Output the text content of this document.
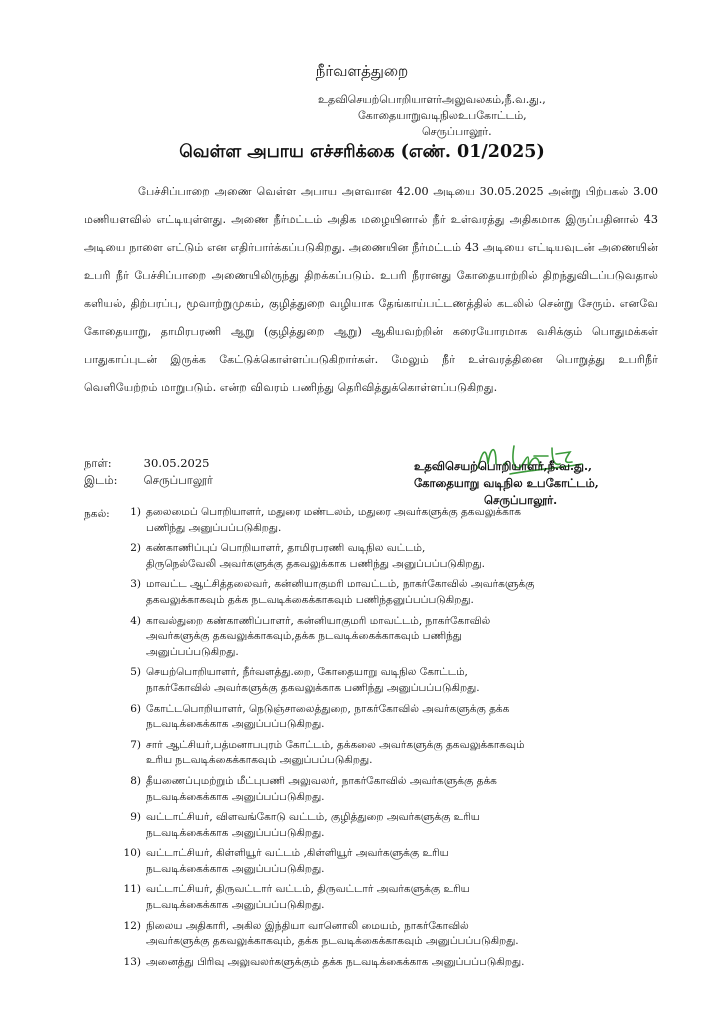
நீர்வளத்துறை
உதவிசெயற்பொறியாளர்அலுவலகம்,நீ.வ.து.,
கோதையாறுவடிநிலஉபகோட்டம்,
செருப்பாலூர்.
வெள்ள அபாய எச்சரிக்கை (எண். 01/2025)
பேச்சிப்பாறை அணை வெள்ள அபாய அளவான 42.00 அடியை 30.05.2025 அன்று பிற்பகல் 3.00 மணியளவில் எட்டியுள்ளது. அணை நீர்மட்டம் அதிக மழையினால் நீர் உள்வரத்து அதிகமாக இருப்பதினால் 43 அடியை நாளை எட்டும் என எதிர்பார்க்கப்படுகிறது. அணையின நீர்மட்டம் 43 அடியை எட்டியவுடன் அணையின் உபரி நீர் பேச்சிப்பாறை அணையிலிருந்து திறக்கப்படும். உபரி நீரானது கோதையாற்றில் திறந்துவிடப்படுவதால் களியல், திற்பரப்பு, மூவாற்றுமுகம், குழித்துறை வழியாக தேங்காய்பட்டணத்தில் கடலில் சென்று சேரும். எனவே கோதையாறு, தாமிரபரணி ஆறு (குழித்துறை ஆறு) ஆகியவற்றின் கரையோரமாக வசிக்கும் பொதுமக்கள் பாதுகாப்புடன் இருக்க கேட்டுக்கொள்ளப்படுகிறார்கள். மேலும் நீர் உள்வரத்தினை பொறுத்து உபரிநீர் வெளியேற்றம் மாறுபடும். என்ற விவரம் பணிந்து தெரிவித்துக்கொள்ளப்படுகிறது.
நாள்:	30.05.2025
இடம்: செருப்பாலூர்
உதவிசெயற்பொறியாளர்,நீ.வ.து.,
கோதையாறு வடிநில உபகோட்டம்,
செருப்பாலூர்.
நகல்:	1) தலைமைப் பொறியாளர், மதுரை மண்டலம், மதுரை அவர்களுக்கு தகவலுக்காக
பணிந்து அனுப்பப்படுகிறது.
2) கண்காணிப்புப் பொறியாளர், தாமிரபரணி வடிநில வட்டம்,
திருநெல்வேலி அவர்களுக்கு தகவலுக்காக பணிந்து அனுப்பப்படுகிறது.
3) மாவட்ட ஆட்சித்தலைவர், கன்னியாகுமரி மாவட்டம், நாகர்கோவில் அவர்களுக்கு
தகவலுக்காகவும் தக்க நடவடிக்கைக்காகவும் பணிந்தனுப்பப்படுகிறது.
4) காவல்துறை கண்காணிப்பாளர், கன்னியாகுமரி மாவட்டம், நாகர்கோவில்
அவர்களுக்கு தகவலுக்காகவும்,தக்க நடவடிக்கைக்காகவும் பணிந்து
அனுப்பப்படுகிறது.
5) செயற்பொறியாளர், நீர்வளத்து.றை, கோதையாறு வடிநில கோட்டம்,
நாகர்கோவில் அவர்களுக்கு தகவலுக்காக பணிந்து அனுப்பப்படுகிறது.
6) கோட்டபொறியாளர், நெடுஞ்சாலைத்துறை, நாகர்கோவில் அவர்களுக்கு தக்க
நடவடிக்கைக்காக அனுப்பப்படுகிறது.
7) சார் ஆட்சியர்,பத்மனாபபுரம் கோட்டம், தக்கலை அவர்களுக்கு தகவலுக்காகவும்
உரிய நடவடிக்கைக்காகவும் அனுப்பப்படுகிறது.
8) தீயணைப்புமற்றும் மீட்புபணி அலுவலர், நாகர்கோவில் அவர்களுக்கு தக்க
நடவடிக்கைக்காக அனுப்பப்படுகிறது.
9) வட்டாட்சியர், விளவங்கோடு வட்டம், குழித்துறை அவர்களுக்கு உரிய
நடவடிக்கைக்காக அனுப்பப்படுகிறது.
10) வட்டாட்சியர், கிள்ளியூர் வட்டம் ,கிள்ளியூர் அவர்களுக்கு உரிய
நடவடிக்கைக்காக அனுப்பப்படுகிறது.
11) வட்டாட்சியர், திருவட்டார் வட்டம், திருவட்டார் அவர்களுக்கு உரிய
நடவடிக்கைக்காக அனுப்பப்படுகிறது.
12) நிலைய அதிகாரி, அகில இந்தியா வானொலி மையம், நாகர்கோவில்
அவர்களுக்கு தகவலுக்காகவும், தக்க நடவடிக்கைக்காகவும் அனுப்பப்படுகிறது.
13) அனைத்து பிரிவு அலுவலர்களுக்கும் தக்க நடவடிக்கைக்காக அனுப்பப்படுகிறது.
